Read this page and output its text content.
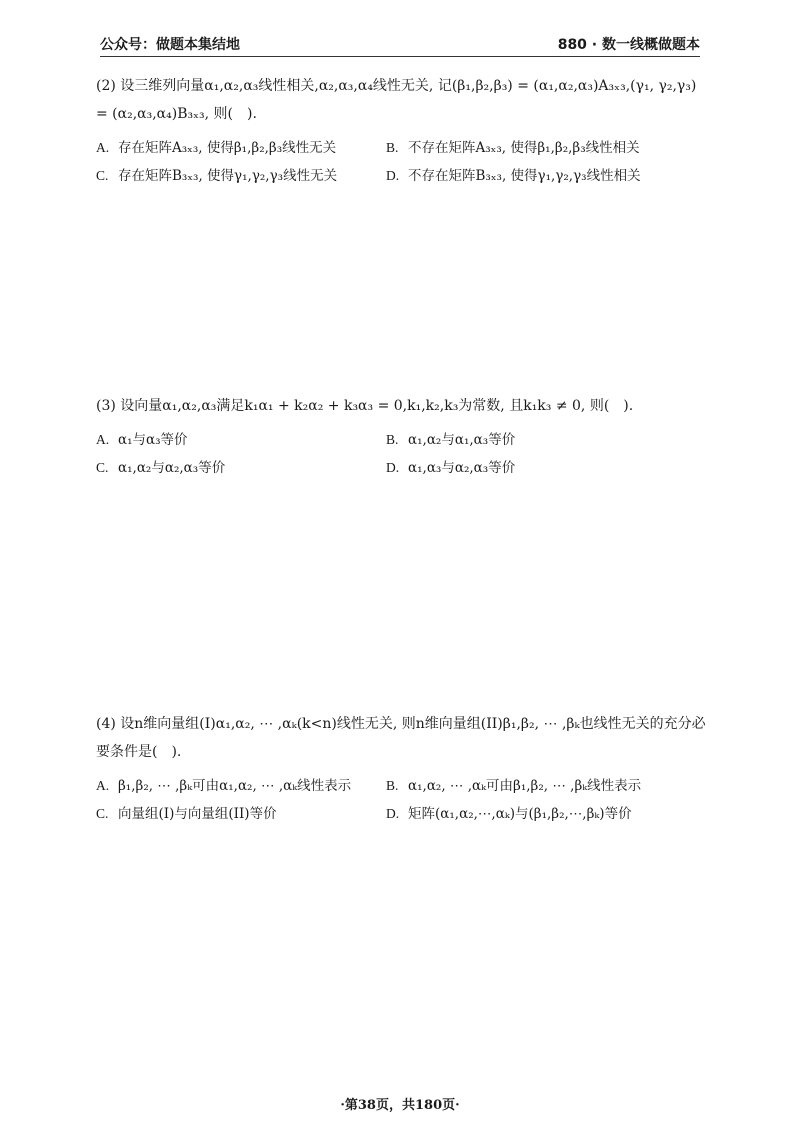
公众号：做题本集结地	880 · 数一线概做题本

(2) 设三维列向量α₁,α₂,α₃线性相关,α₂,α₃,α₄线性无关, 记(β₁,β₂,β₃) = (α₁,α₂,α₃)A₃ₓ₃,(γ₁, γ₂,γ₃) = (α₂,α₃,α₄)B₃ₓ₃, 则(　).

A. 存在矩阵A₃ₓ₃, 使得β₁,β₂,β₃线性无关	B. 不存在矩阵A₃ₓ₃, 使得β₁,β₂,β₃线性相关
C. 存在矩阵B₃ₓ₃, 使得γ₁,γ₂,γ₃线性无关	D. 不存在矩阵B₃ₓ₃, 使得γ₁,γ₂,γ₃线性相关

(3) 设向量α₁,α₂,α₃满足k₁α₁ + k₂α₂ + k₃α₃ = 0,k₁,k₂,k₃为常数, 且k₁k₃ ≠ 0, 则(　).

A. α₁与α₃等价	B. α₁,α₂与α₁,α₃等价
C. α₁,α₂与α₂,α₃等价	D. α₁,α₃与α₂,α₃等价

(4) 设n维向量组(I)α₁,α₂, ⋯ ,αₖ(k<n)线性无关, 则n维向量组(II)β₁,β₂, ⋯ ,βₖ也线性无关的充分必要条件是(　).

A. β₁,β₂, ⋯ ,βₖ可由α₁,α₂, ⋯ ,αₖ线性表示	B. α₁,α₂, ⋯ ,αₖ可由β₁,β₂, ⋯ ,βₖ线性表示
C. 向量组(I)与向量组(II)等价	D. 矩阵(α₁,α₂,⋯,αₖ)与(β₁,β₂,⋯,βₖ)等价
·第38页，共180页·
